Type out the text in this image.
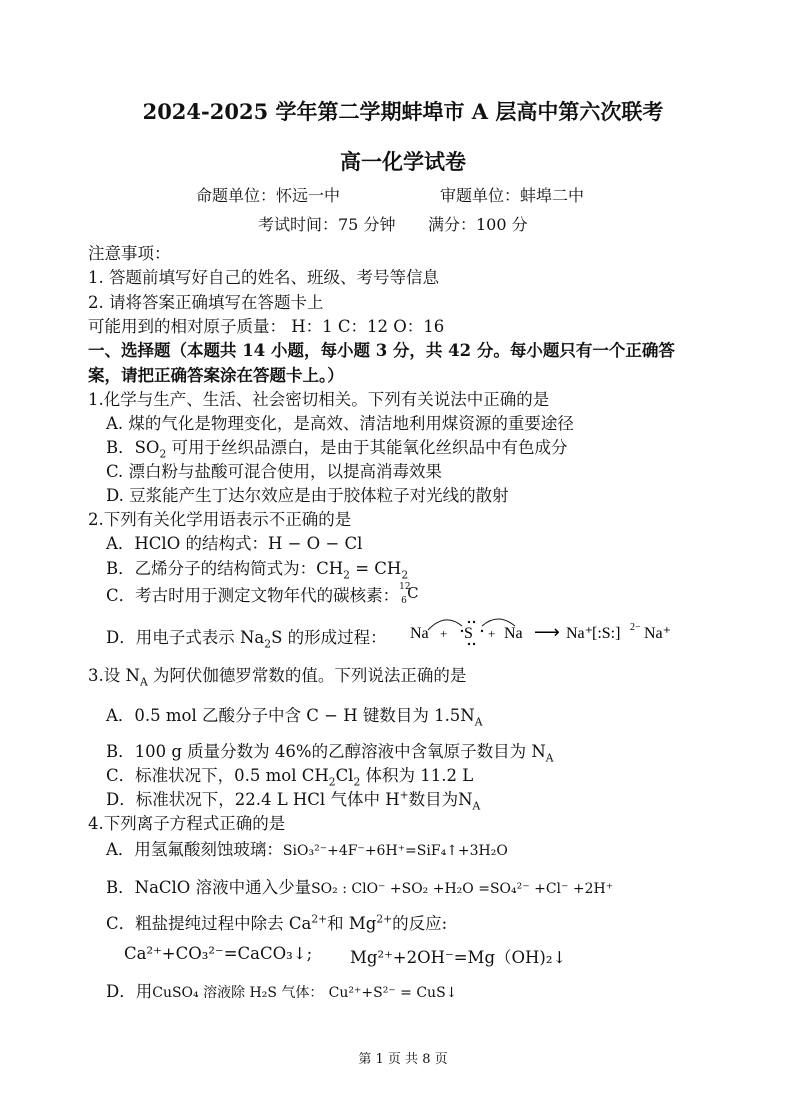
2024-2025 学年第二学期蚌埠市 A 层高中第六次联考
高一化学试卷
命题单位：怀远一中	审题单位：蚌埠二中
考试时间：75 分钟 满分：100 分
注意事项：
1. 答题前填写好自己的姓名、班级、考号等信息
2. 请将答案正确填写在答题卡上
可能用到的相对原子质量： H：1 C：12 O：16
一、选择题（本题共 14 小题，每小题 3 分，共 42 分。每小题只有一个正确答
案，请把正确答案涂在答题卡上。）
1.化学与生产、生活、社会密切相关。下列有关说法中正确的是
A. 煤的气化是物理变化，是高效、清洁地利用煤资源的重要途径
B．$SO_2$ 可用于丝织品漂白，是由于其能氧化丝织品中有色成分
C. 漂白粉与盐酸可混合使用，以提高消毒效果
D. 豆浆能产生丁达尔效应是由于胶体粒子对光线的散射
2.下列有关化学用语表示不正确的是
A．HClO 的结构式：H − O − Cl
B．乙烯分子的结构简式为：$CH_2 = CH_2$
C．考古时用于测定文物年代的碳核素： 12
6 C
D．用电子式表示 $Na_2S$ 的形成过程： Na + S + Na ⟶ Na⁺
[:S:] 2− Na⁺
3.设 $N_A$ 为阿伏伽德罗常数的值。下列说法正确的是
A．0.5 mol 乙酸分子中含 C − H 键数目为 $1.5N_A$
B．100 g 质量分数为 46%的乙醇溶液中含氧原子数目为 $N_A$
C．标准状况下，0.5 mol $CH_2Cl_2$ 体积为 11.2 L
D．标准状况下，22.4 L HCl 气体中 H+数目为$N_A$
4.下列离子方程式正确的是
A．用氢氟酸刻蚀玻璃：SiO₃²⁻+4F⁻+6H⁺=SiF₄↑+3H₂O
B．NaClO 溶液中通入少量SO₂ : ClO⁻ +SO₂ +H₂O =SO₄²⁻ +Cl⁻ +2H⁺
C．粗盐提纯过程中除去 $Ca^{2+}$和 $Mg^{2+}$的反应:
Ca²⁺+CO₃²⁻=CaCO₃↓; Mg²⁺+2OH⁻=Mg（OH)₂↓
D．用CuSO₄ 溶液除 H₂S 气体： Cu²⁺+S²⁻ = CuS↓
第 1 页 共 8 页
